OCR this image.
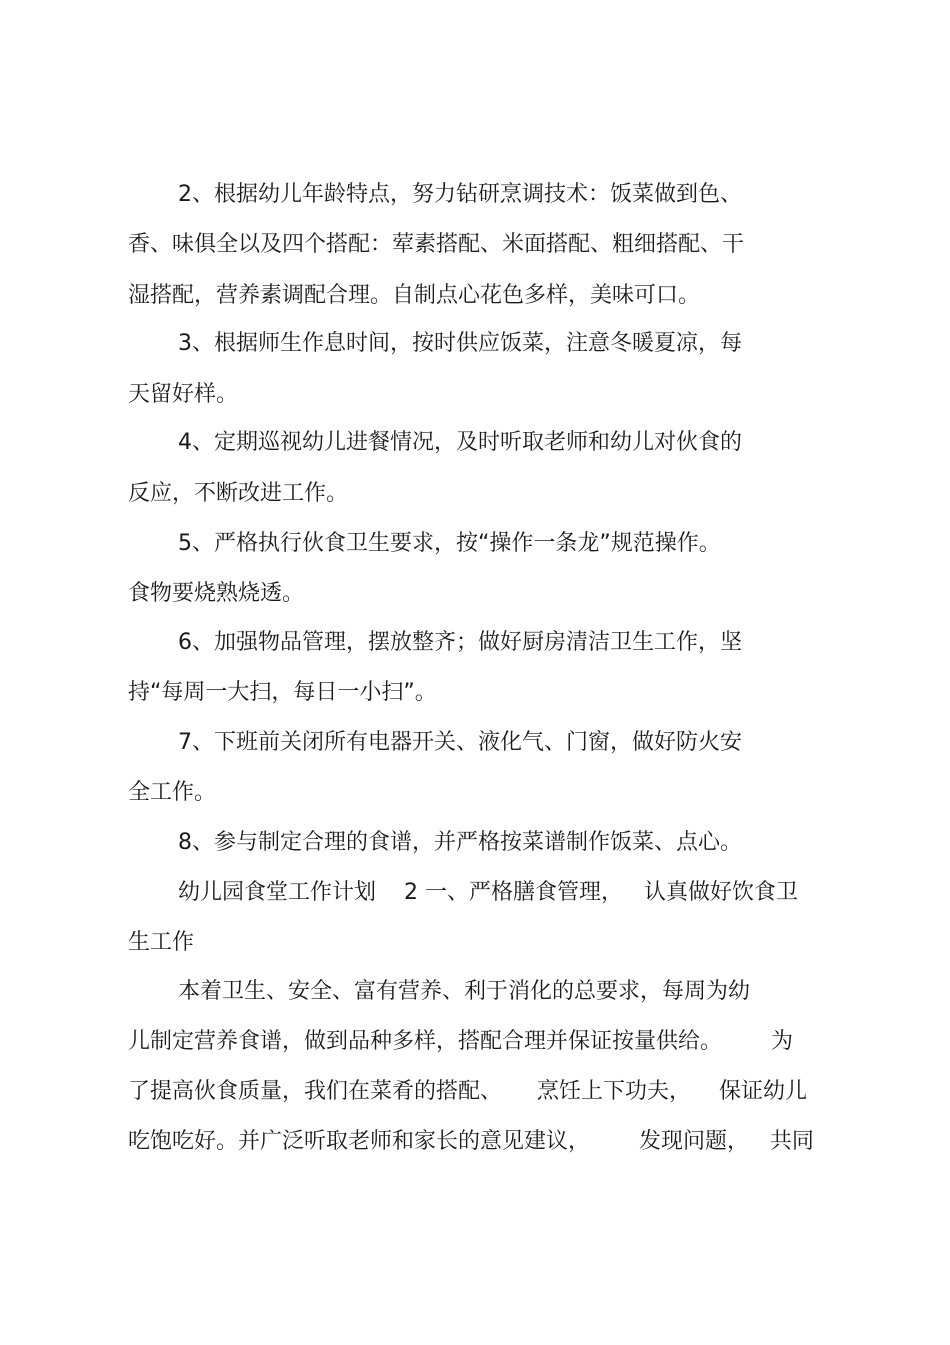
2、根据幼儿年龄特点，努力钻研烹调技术：饭菜做到色、

香、味俱全以及四个搭配：荤素搭配、米面搭配、粗细搭配、干

湿搭配，营养素调配合理。自制点心花色多样，美味可口。

3、根据师生作息时间，按时供应饭菜，注意冬暖夏凉，每

天留好样。

4、定期巡视幼儿进餐情况，及时听取老师和幼儿对伙食的

反应，不断改进工作。

5、严格执行伙食卫生要求，按“操作一条龙”规范操作。

食物要烧熟烧透。

6、加强物品管理，摆放整齐；做好厨房清洁卫生工作，坚

持“每周一大扫，每日一小扫”。

7、下班前关闭所有电器开关、液化气、门窗，做好防火安

全工作。

8、参与制定合理的食谱，并严格按菜谱制作饭菜、点心。

幼儿园食堂工作计划    2 一、严格膳食管理，   认真做好饮食卫

生工作

本着卫生、安全、富有营养、利于消化的总要求，每周为幼

儿制定营养食谱，做到品种多样，搭配合理并保证按量供给。       为

了提高伙食质量，我们在菜肴的搭配、     烹饪上下功夫，    保证幼儿

吃饱吃好。并广泛听取老师和家长的意见建议，       发现问题，   共同
